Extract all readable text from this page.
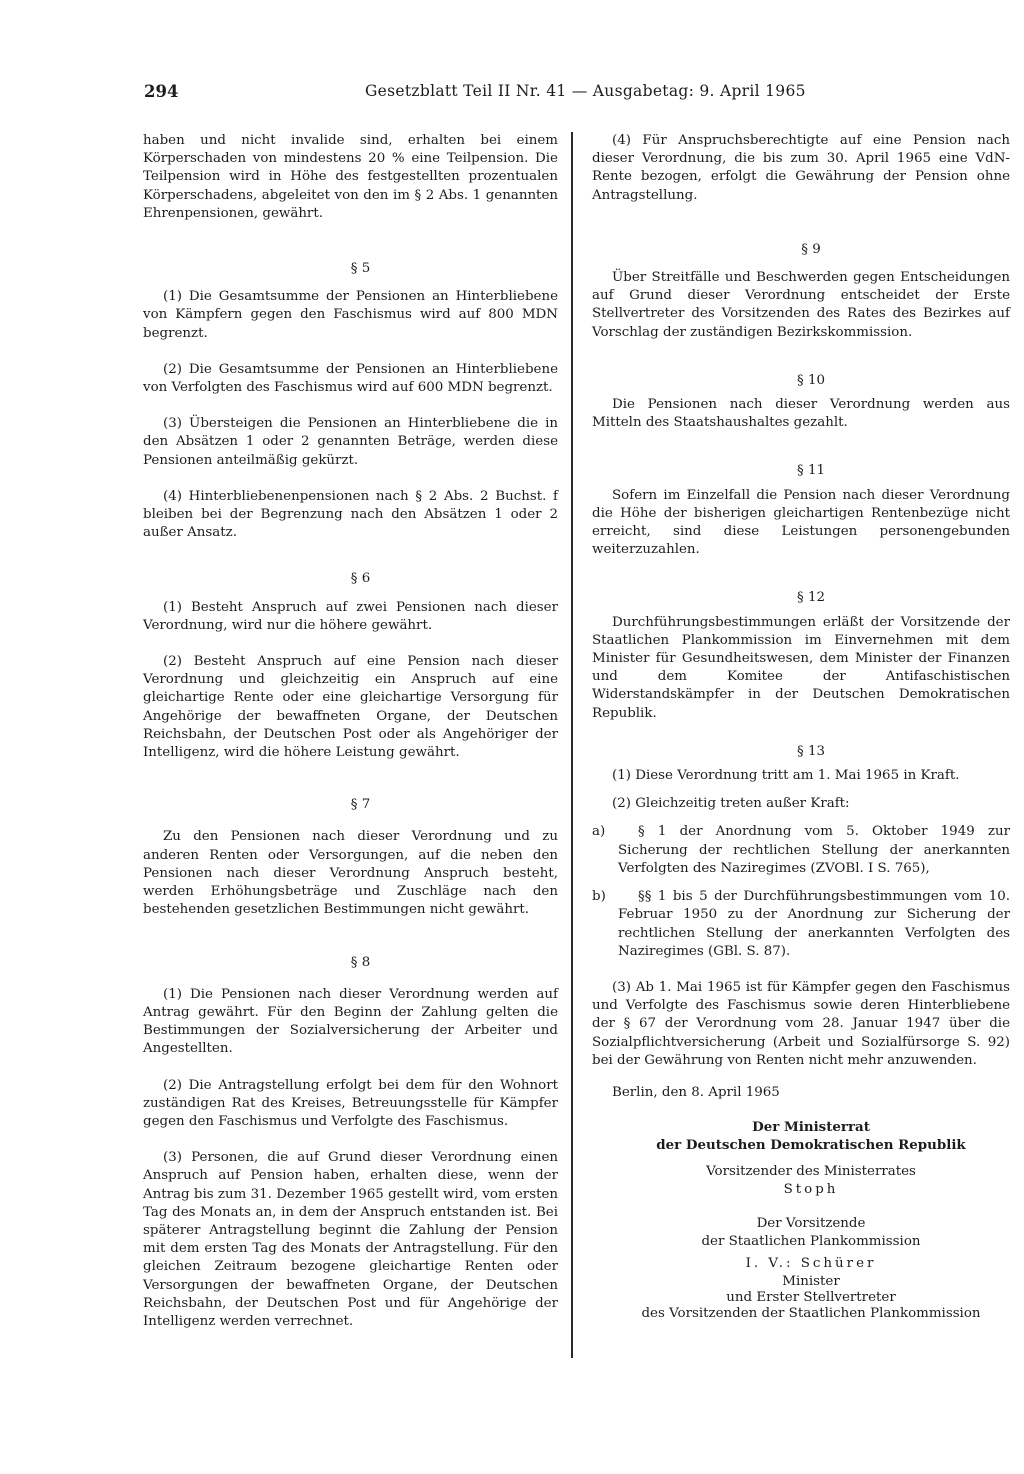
294	Gesetzblatt Teil II Nr. 41 — Ausgabetag: 9. April 1965

haben und nicht invalide sind, erhalten bei einem Körperschaden von mindestens 20 % eine Teilpension. Die Teilpension wird in Höhe des festgestellten prozentualen Körperschadens, abgeleitet von den im § 2 Abs. 1 genannten Ehrenpensionen, gewährt.

§ 5

(1) Die Gesamtsumme der Pensionen an Hinterbliebene von Kämpfern gegen den Faschismus wird auf 800 MDN begrenzt.

(2) Die Gesamtsumme der Pensionen an Hinterbliebene von Verfolgten des Faschismus wird auf 600 MDN begrenzt.

(3) Übersteigen die Pensionen an Hinterbliebene die in den Absätzen 1 oder 2 genannten Beträge, werden diese Pensionen anteilmäßig gekürzt.

(4) Hinterbliebenenpensionen nach § 2 Abs. 2 Buchst. f bleiben bei der Begrenzung nach den Absätzen 1 oder 2 außer Ansatz.

§ 6

(1) Besteht Anspruch auf zwei Pensionen nach dieser Verordnung, wird nur die höhere gewährt.

(2) Besteht Anspruch auf eine Pension nach dieser Verordnung und gleichzeitig ein Anspruch auf eine gleichartige Rente oder eine gleichartige Versorgung für Angehörige der bewaffneten Organe, der Deutschen Reichsbahn, der Deutschen Post oder als Angehöriger der Intelligenz, wird die höhere Leistung gewährt.

§ 7

Zu den Pensionen nach dieser Verordnung und zu anderen Renten oder Versorgungen, auf die neben den Pensionen nach dieser Verordnung Anspruch besteht, werden Erhöhungsbeträge und Zuschläge nach den bestehenden gesetzlichen Bestimmungen nicht gewährt.

§ 8

(1) Die Pensionen nach dieser Verordnung werden auf Antrag gewährt. Für den Beginn der Zahlung gelten die Bestimmungen der Sozialversicherung der Arbeiter und Angestellten.

(2) Die Antragstellung erfolgt bei dem für den Wohnort zuständigen Rat des Kreises, Betreuungsstelle für Kämpfer gegen den Faschismus und Verfolgte des Faschismus.

(3) Personen, die auf Grund dieser Verordnung einen Anspruch auf Pension haben, erhalten diese, wenn der Antrag bis zum 31. Dezember 1965 gestellt wird, vom ersten Tag des Monats an, in dem der Anspruch entstanden ist. Bei späterer Antragstellung beginnt die Zahlung der Pension mit dem ersten Tag des Monats der Antragstellung. Für den gleichen Zeitraum bezogene gleichartige Renten oder Versorgungen der bewaffneten Organe, der Deutschen Reichsbahn, der Deutschen Post und für Angehörige der Intelligenz werden verrechnet.

(4) Für Anspruchsberechtigte auf eine Pension nach dieser Verordnung, die bis zum 30. April 1965 eine VdN-Rente bezogen, erfolgt die Gewährung der Pension ohne Antragstellung.

§ 9

Über Streitfälle und Beschwerden gegen Entscheidungen auf Grund dieser Verordnung entscheidet der Erste Stellvertreter des Vorsitzenden des Rates des Bezirkes auf Vorschlag der zuständigen Bezirkskommission.

§ 10

Die Pensionen nach dieser Verordnung werden aus Mitteln des Staatshaushaltes gezahlt.

§ 11

Sofern im Einzelfall die Pension nach dieser Verordnung die Höhe der bisherigen gleichartigen Rentenbezüge nicht erreicht, sind diese Leistungen personengebunden weiterzuzahlen.

§ 12

Durchführungsbestimmungen erläßt der Vorsitzende der Staatlichen Plankommission im Einvernehmen mit dem Minister für Gesundheitswesen, dem Minister der Finanzen und dem Komitee der Antifaschistischen Widerstandskämpfer in der Deutschen Demokratischen Republik.

§ 13

(1) Diese Verordnung tritt am 1. Mai 1965 in Kraft.

(2) Gleichzeitig treten außer Kraft:

a)	§ 1 der Anordnung vom 5. Oktober 1949 zur Sicherung der rechtlichen Stellung der anerkannten Verfolgten des Naziregimes (ZVOBl. I S. 765),

b)	§§ 1 bis 5 der Durchführungsbestimmungen vom 10. Februar 1950 zu der Anordnung zur Sicherung der rechtlichen Stellung der anerkannten Verfolgten des Naziregimes (GBl. S. 87).

(3) Ab 1. Mai 1965 ist für Kämpfer gegen den Faschismus und Verfolgte des Faschismus sowie deren Hinterbliebene der § 67 der Verordnung vom 28. Januar 1947 über die Sozialpflichtversicherung (Arbeit und Sozialfürsorge S. 92) bei der Gewährung von Renten nicht mehr anzuwenden.

Berlin, den 8. April 1965

Der Ministerrat

der Deutschen Demokratischen Republik

Vorsitzender des Ministerrates

Stoph

Der Vorsitzende

der Staatlichen Plankommission

I. V.: Schürer

Minister

und Erster Stellvertreter

des Vorsitzenden der Staatlichen Plankommission
